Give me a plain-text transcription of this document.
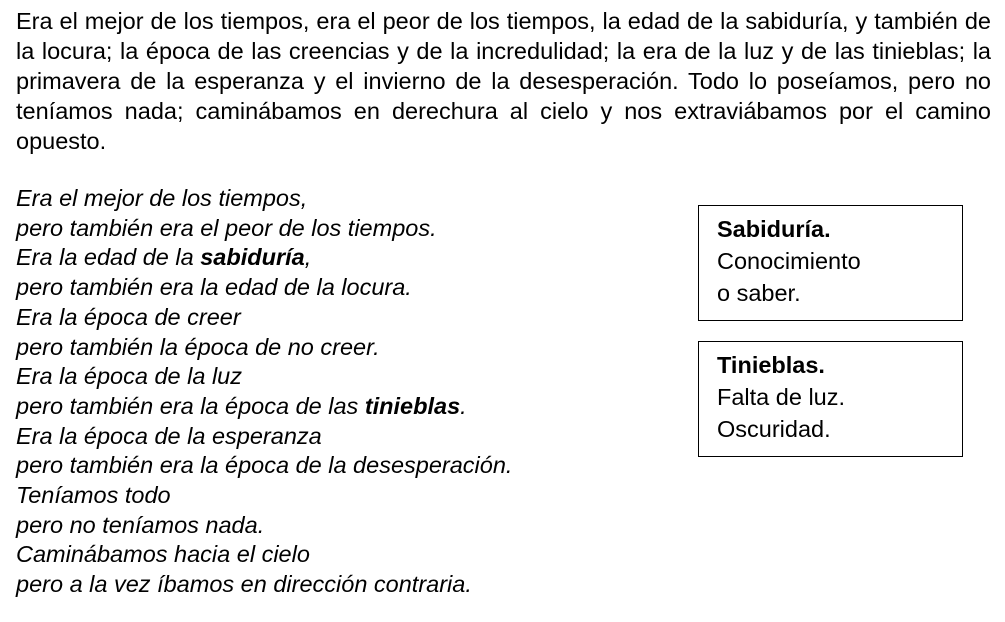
Era el mejor de los tiempos, era el peor de los tiempos, la edad de la sabiduría, y también de la locura; la época de las creencias y de la incredulidad; la era de la luz y de las tinieblas; la primavera de la esperanza y el invierno de la desesperación. Todo lo poseíamos, pero no teníamos nada; caminábamos en derechura al cielo y nos extraviábamos por el camino opuesto.

Era el mejor de los tiempos,
pero también era el peor de los tiempos.
Era la edad de la sabiduría,
pero también era la edad de la locura.
Era la época de creer
pero también la época de no creer.
Era la época de la luz
pero también era la época de las tinieblas.
Era la época de la esperanza
pero también era la época de la desesperación.
Teníamos todo
pero no teníamos nada.
Caminábamos hacia el cielo
pero a la vez íbamos en dirección contraria.
Sabiduría.
Conocimiento
o saber.
Tinieblas.
Falta de luz.
Oscuridad.
